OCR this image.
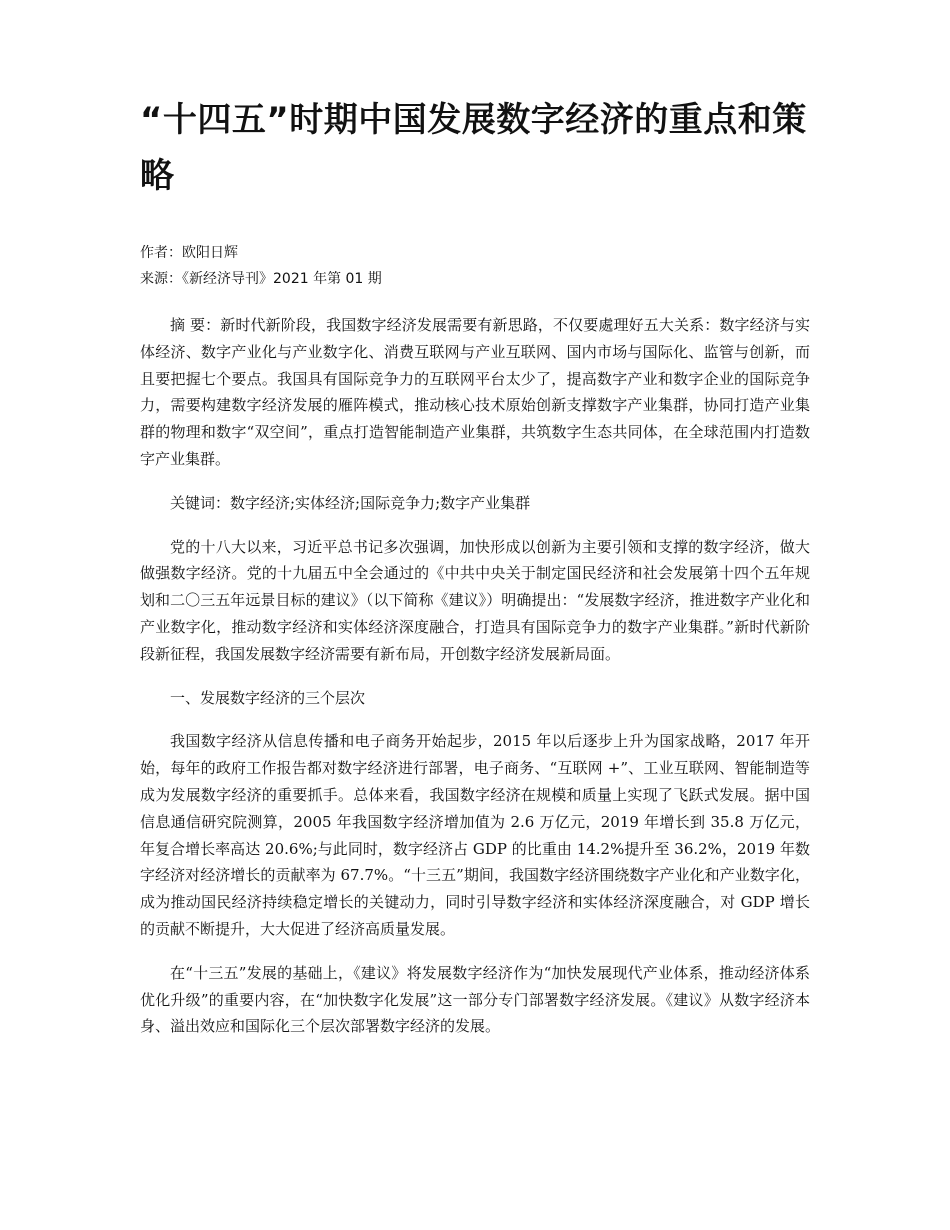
“十四五”时期中国发展数字经济的重点和策略

作者：欧阳日辉

来源：《新经济导刊》2021 年第 01 期

摘 要：新时代新阶段，我国数字经济发展需要有新思路，不仅要處理好五大关系：数字经济与实体经济、数字产业化与产业数字化、消费互联网与产业互联网、国内市场与国际化、监管与创新，而且要把握七个要点。我国具有国际竞争力的互联网平台太少了，提高数字产业和数字企业的国际竞争力，需要构建数字经济发展的雁阵模式，推动核心技术原始创新支撑数字产业集群，协同打造产业集群的物理和数字“双空间”，重点打造智能制造产业集群，共筑数字生态共同体，在全球范围内打造数字产业集群。

关键词：数字经济;实体经济;国际竞争力;数字产业集群

党的十八大以来，习近平总书记多次强调，加快形成以创新为主要引领和支撑的数字经济，做大做强数字经济。党的十九届五中全会通过的《中共中央关于制定国民经济和社会发展第十四个五年规划和二〇三五年远景目标的建议》（以下简称《建议》）明确提出：“发展数字经济，推进数字产业化和产业数字化，推动数字经济和实体经济深度融合，打造具有国际竞争力的数字产业集群。”新时代新阶段新征程，我国发展数字经济需要有新布局，开创数字经济发展新局面。

一、发展数字经济的三个层次

我国数字经济从信息传播和电子商务开始起步，2015 年以后逐步上升为国家战略，2017 年开始，每年的政府工作报告都对数字经济进行部署，电子商务、“互联网 +”、工业互联网、智能制造等成为发展数字经济的重要抓手。总体来看，我国数字经济在规模和质量上实现了飞跃式发展。据中国信息通信研究院测算，2005 年我国数字经济增加值为 2.6 万亿元，2019 年增长到 35.8 万亿元，年复合增长率高达 20.6%;与此同时，数字经济占 GDP 的比重由 14.2%提升至 36.2%，2019 年数字经济对经济增长的贡献率为 67.7%。“十三五”期间，我国数字经济围绕数字产业化和产业数字化，成为推动国民经济持续稳定增长的关键动力，同时引导数字经济和实体经济深度融合，对 GDP 增长的贡献不断提升，大大促进了经济高质量发展。

在“十三五”发展的基础上，《建议》将发展数字经济作为“加快发展现代产业体系，推动经济体系优化升级”的重要内容，在“加快数字化发展”这一部分专门部署数字经济发展。《建议》从数字经济本身、溢出效应和国际化三个层次部署数字经济的发展。
